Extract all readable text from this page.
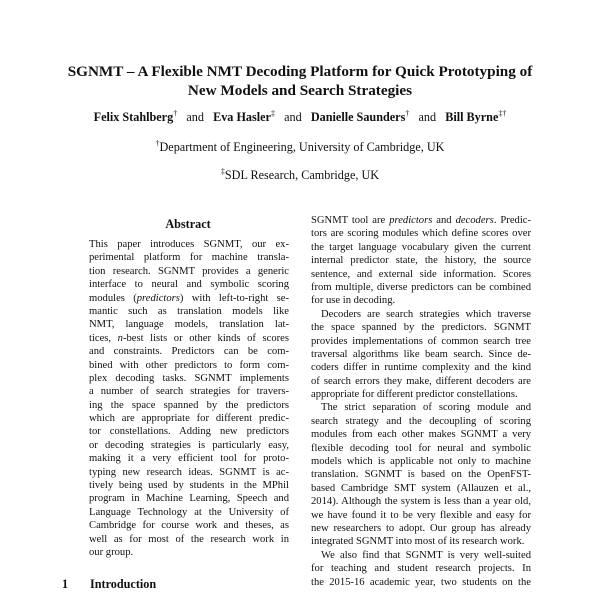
SGNMT – A Flexible NMT Decoding Platform for Quick Prototyping of
New Models and Search Strategies
Felix Stahlberg† and Eva Hasler‡ and Danielle Saunders† and Bill Byrne‡†
†Department of Engineering, University of Cambridge, UK
‡SDL Research, Cambridge, UK
Abstract
This paper introduces SGNMT, our ex-
perimental platform for machine transla-
tion research. SGNMT provides a generic
interface to neural and symbolic scoring
modules (predictors) with left-to-right se-
mantic such as translation models like
NMT, language models, translation lat-
tices, n-best lists or other kinds of scores
and constraints. Predictors can be com-
bined with other predictors to form com-
plex decoding tasks. SGNMT implements
a number of search strategies for travers-
ing the space spanned by the predictors
which are appropriate for different predic-
tor constellations. Adding new predictors
or decoding strategies is particularly easy,
making it a very efficient tool for proto-
typing new research ideas. SGNMT is ac-
tively being used by students in the MPhil
program in Machine Learning, Speech and
Language Technology at the University of
Cambridge for course work and theses, as
well as for most of the research work in
our group.
SGNMT tool are predictors and decoders. Predic-
tors are scoring modules which define scores over
the target language vocabulary given the current
internal predictor state, the history, the source
sentence, and external side information. Scores
from multiple, diverse predictors can be combined
for use in decoding.
Decoders are search strategies which traverse
the space spanned by the predictors. SGNMT
provides implementations of common search tree
traversal algorithms like beam search. Since de-
coders differ in runtime complexity and the kind
of search errors they make, different decoders are
appropriate for different predictor constellations.
The strict separation of scoring module and
search strategy and the decoupling of scoring
modules from each other makes SGNMT a very
flexible decoding tool for neural and symbolic
models which is applicable not only to machine
translation. SGNMT is based on the OpenFST-
based Cambridge SMT system (Allauzen et al.,
2014). Although the system is less than a year old,
we have found it to be very flexible and easy for
new researchers to adopt. Our group has already
integrated SGNMT into most of its research work.
We also find that SGNMT is very well-suited
for teaching and student research projects. In
the 2015-16 academic year, two students on the
1 Introduction
